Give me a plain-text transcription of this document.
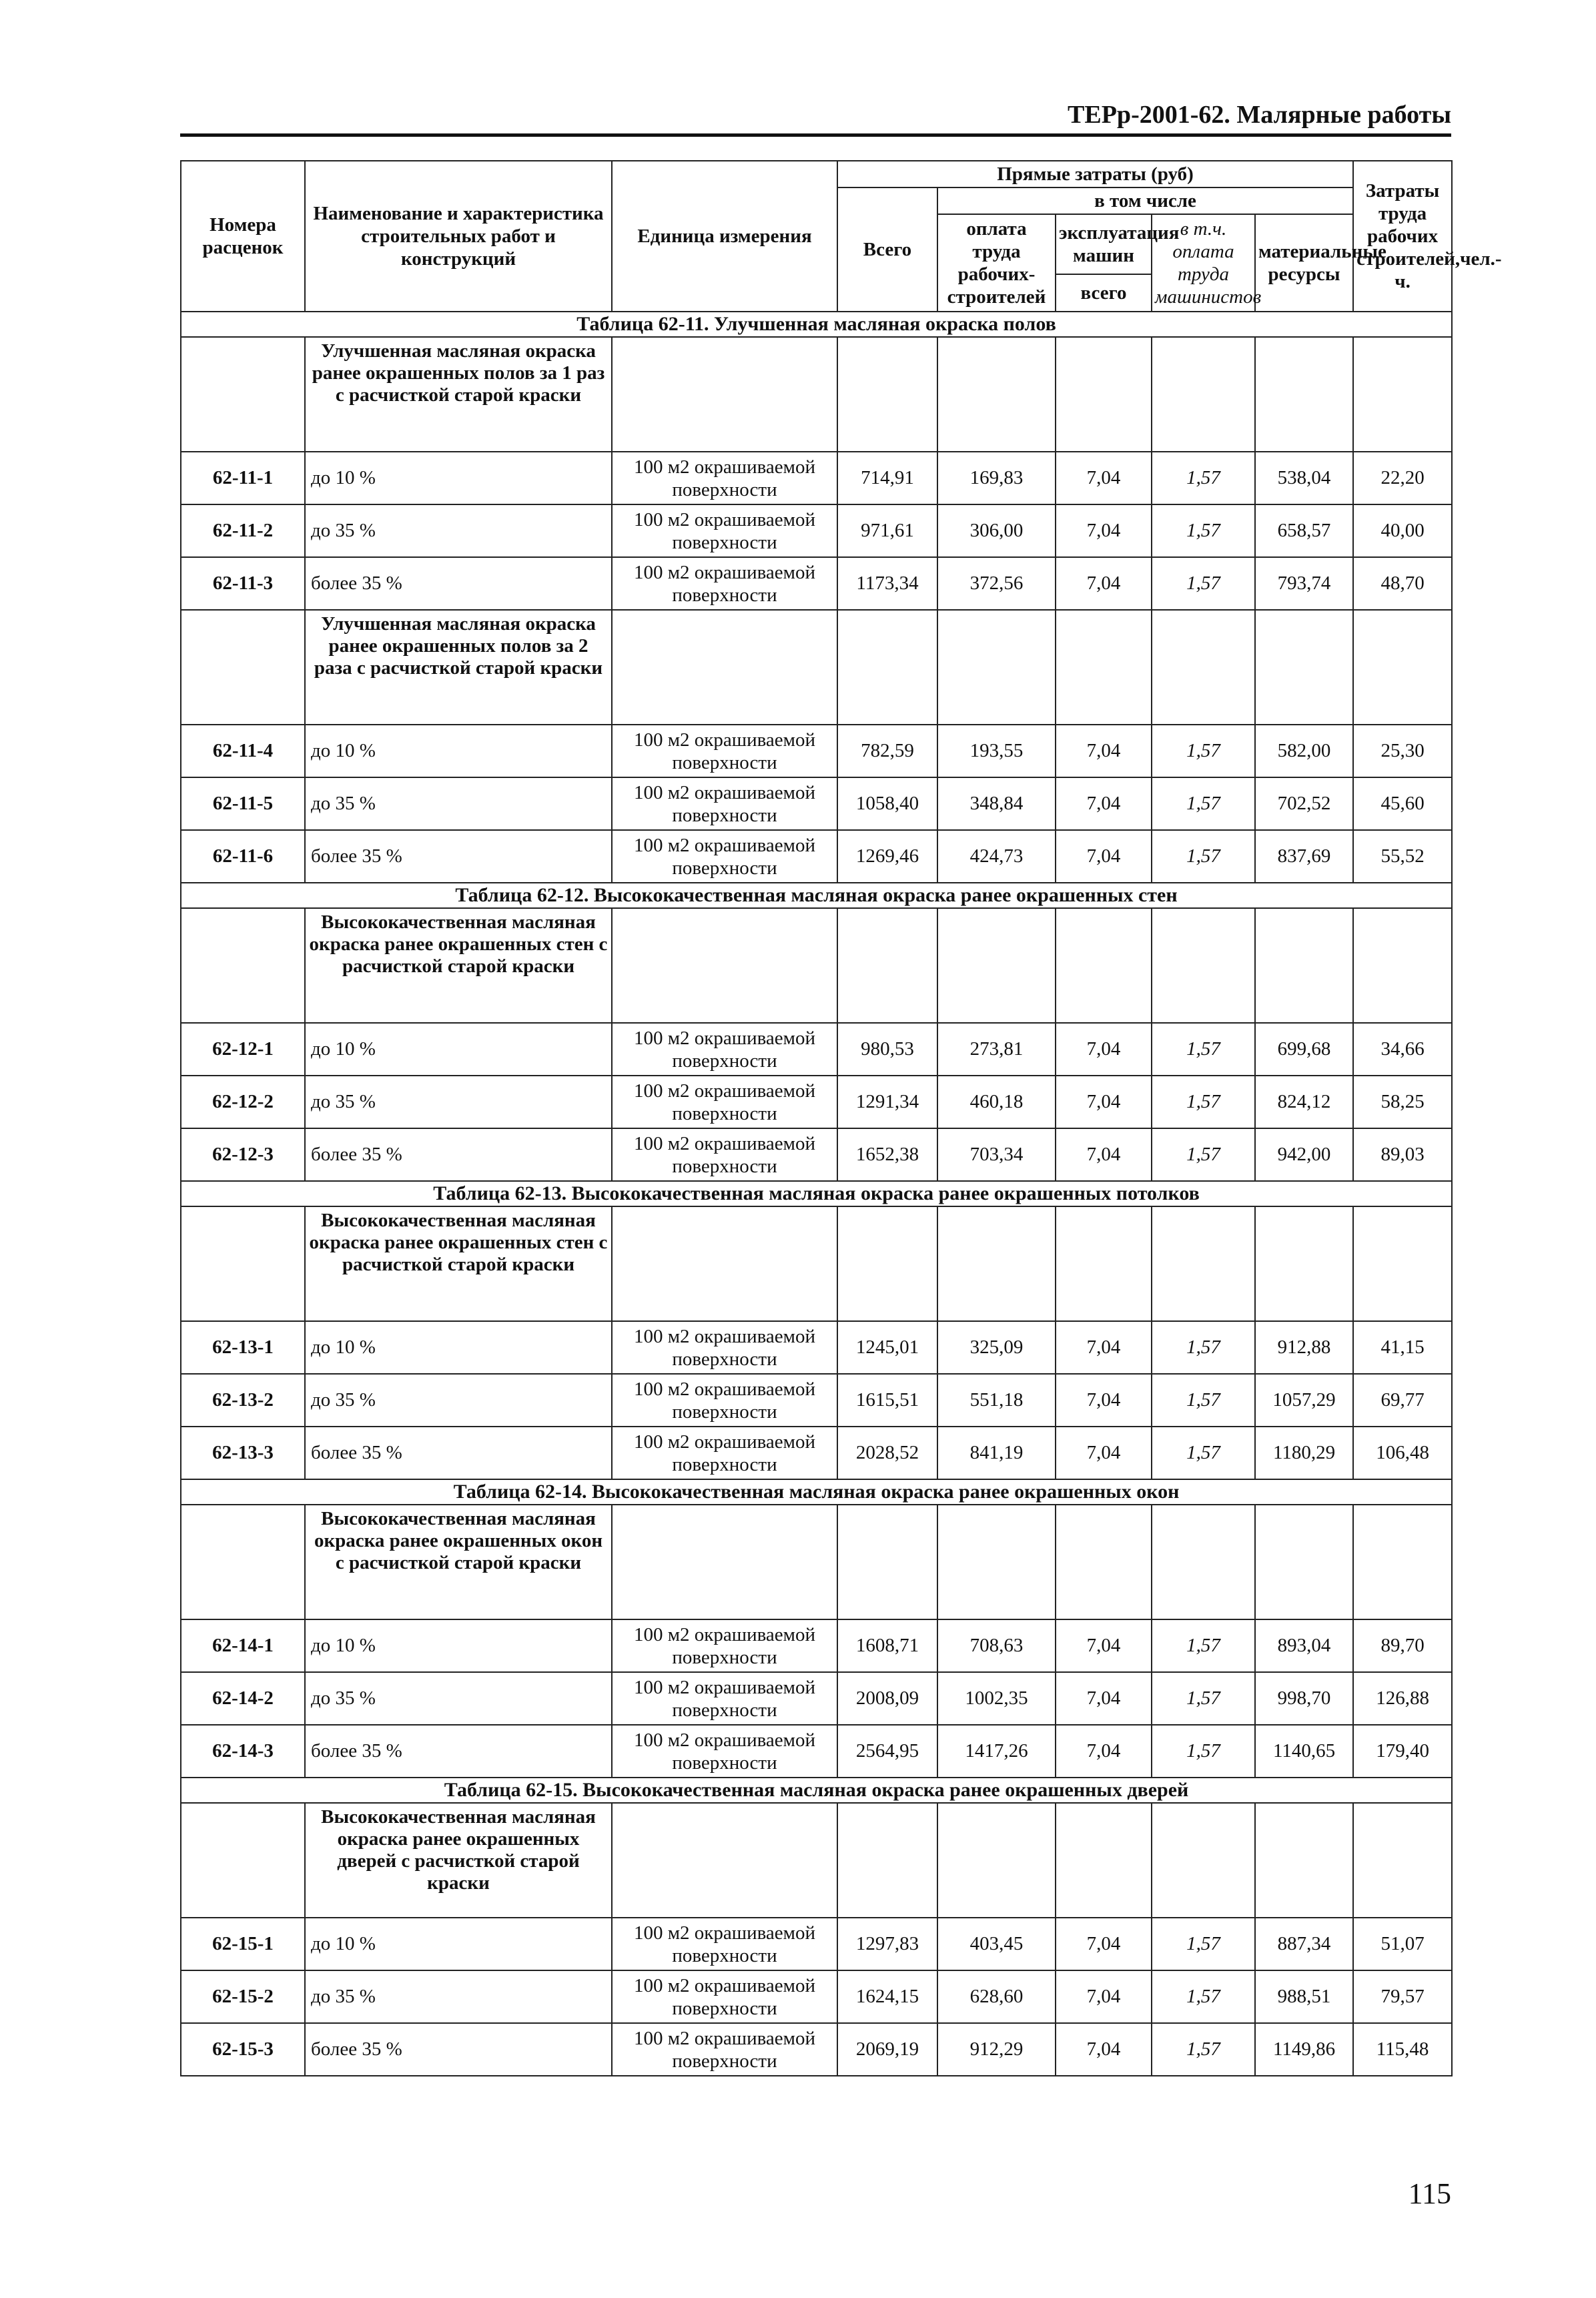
ТЕРр-2001-62. Малярные работы
Номера расценок	Наименование и характеристика строительных работ и конструкций	Единица измерения	Прямые затраты (руб)					Затраты труда рабочих строителей,чел.-ч.
			Всего	в том числе				
				оплата труда рабочих-строителей	эксплуатация машин	в т.ч. оплата труда машинистов	материальные ресурсы	
					всего			
Таблица 62-11. Улучшенная масляная окраска полов								
	Улучшенная масляная окраска ранее окрашенных полов за 1 раз с расчисткой старой краски							
62-11-1	до 10 %	100 м2 окрашиваемой поверхности	714,91	169,83	7,04	1,57	538,04	22,20
62-11-2	до 35 %	100 м2 окрашиваемой поверхности	971,61	306,00	7,04	1,57	658,57	40,00
62-11-3	более 35 %	100 м2 окрашиваемой поверхности	1173,34	372,56	7,04	1,57	793,74	48,70
	Улучшенная масляная окраска ранее окрашенных полов за 2 раза с расчисткой старой краски							
62-11-4	до 10 %	100 м2 окрашиваемой поверхности	782,59	193,55	7,04	1,57	582,00	25,30
62-11-5	до 35 %	100 м2 окрашиваемой поверхности	1058,40	348,84	7,04	1,57	702,52	45,60
62-11-6	более 35 %	100 м2 окрашиваемой поверхности	1269,46	424,73	7,04	1,57	837,69	55,52
Таблица 62-12. Высококачественная масляная окраска ранее окрашенных стен								
	Высококачественная масляная окраска ранее окрашенных стен с расчисткой старой краски							
62-12-1	до 10 %	100 м2 окрашиваемой поверхности	980,53	273,81	7,04	1,57	699,68	34,66
62-12-2	до 35 %	100 м2 окрашиваемой поверхности	1291,34	460,18	7,04	1,57	824,12	58,25
62-12-3	более 35 %	100 м2 окрашиваемой поверхности	1652,38	703,34	7,04	1,57	942,00	89,03
Таблица 62-13. Высококачественная масляная окраска ранее окрашенных потолков								
	Высококачественная масляная окраска ранее окрашенных стен с расчисткой старой краски							
62-13-1	до 10 %	100 м2 окрашиваемой поверхности	1245,01	325,09	7,04	1,57	912,88	41,15
62-13-2	до 35 %	100 м2 окрашиваемой поверхности	1615,51	551,18	7,04	1,57	1057,29	69,77
62-13-3	более 35 %	100 м2 окрашиваемой поверхности	2028,52	841,19	7,04	1,57	1180,29	106,48
Таблица 62-14. Высококачественная масляная окраска ранее окрашенных окон								
	Высококачественная масляная окраска ранее окрашенных окон с расчисткой старой краски							
62-14-1	до 10 %	100 м2 окрашиваемой поверхности	1608,71	708,63	7,04	1,57	893,04	89,70
62-14-2	до 35 %	100 м2 окрашиваемой поверхности	2008,09	1002,35	7,04	1,57	998,70	126,88
62-14-3	более 35 %	100 м2 окрашиваемой поверхности	2564,95	1417,26	7,04	1,57	1140,65	179,40
Таблица 62-15. Высококачественная масляная окраска ранее окрашенных дверей								
	Высококачественная масляная окраска ранее окрашенных дверей с расчисткой старой краски							
62-15-1	до 10 %	100 м2 окрашиваемой поверхности	1297,83	403,45	7,04	1,57	887,34	51,07
62-15-2	до 35 %	100 м2 окрашиваемой поверхности	1624,15	628,60	7,04	1,57	988,51	79,57
62-15-3	более 35 %	100 м2 окрашиваемой поверхности	2069,19	912,29	7,04	1,57	1149,86	115,48
115
